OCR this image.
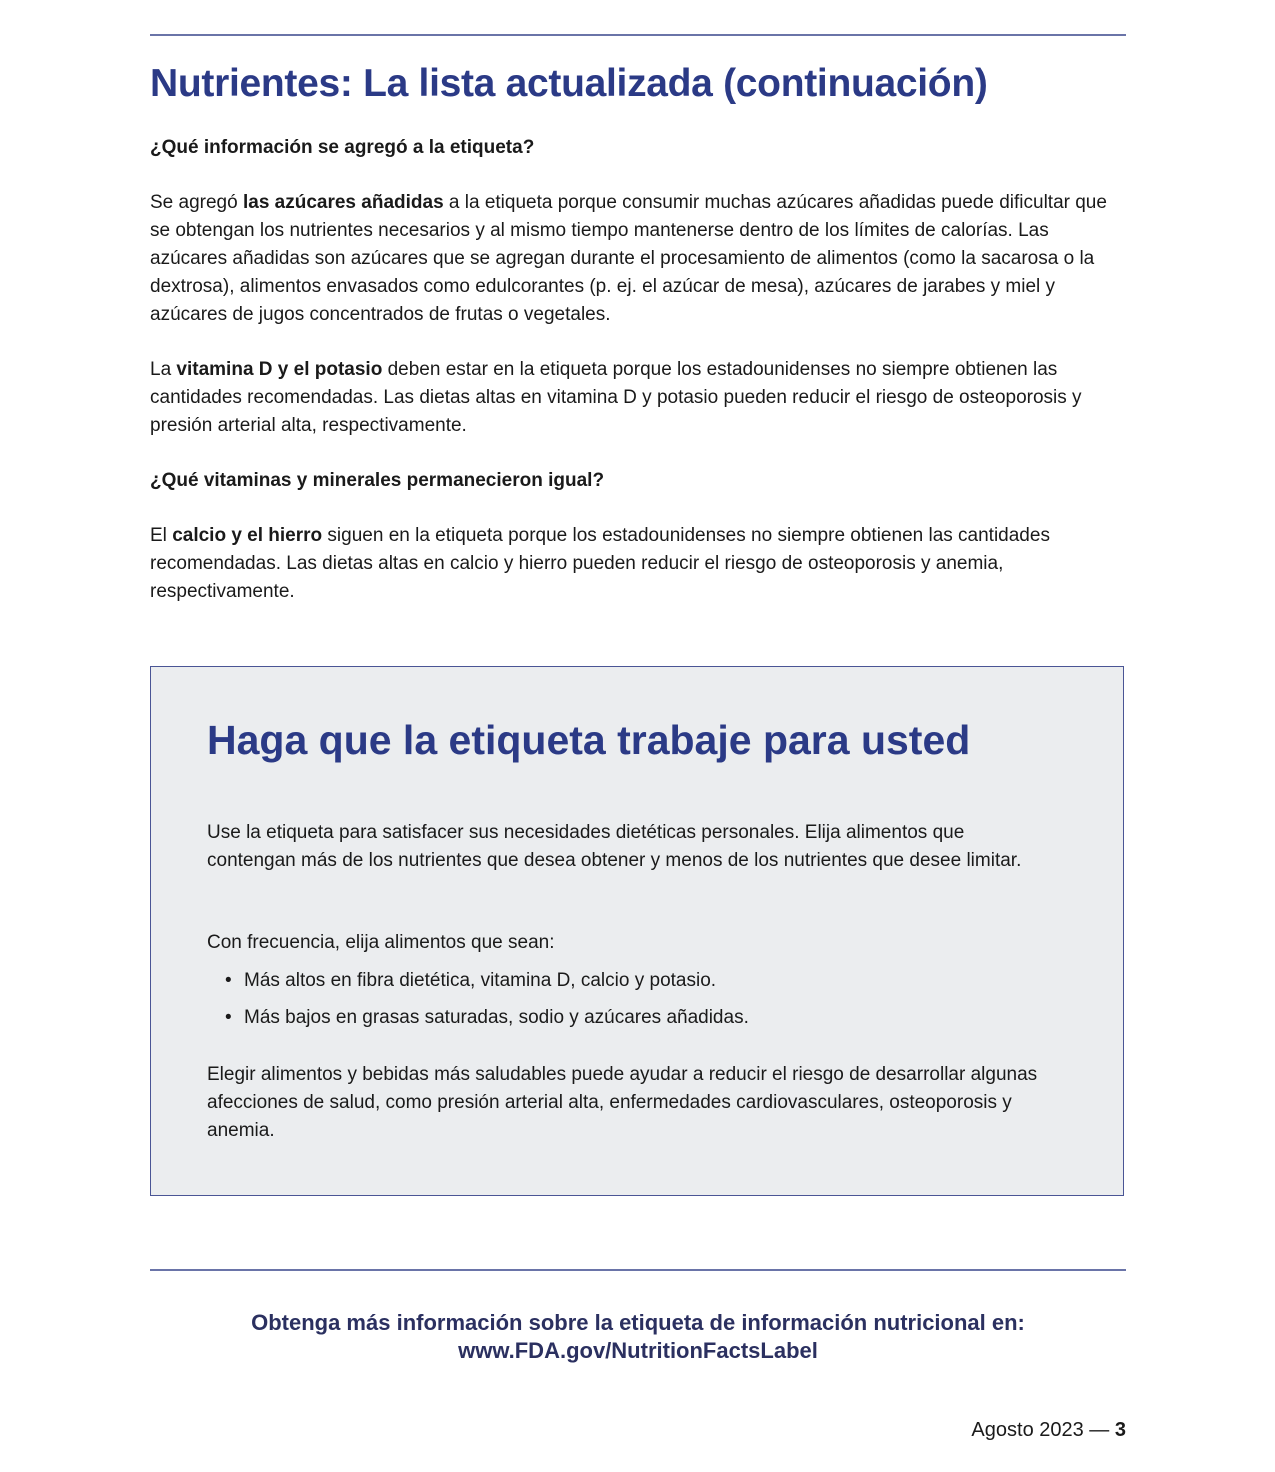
Nutrientes: La lista actualizada (continuación)

¿Qué información se agregó a la etiqueta?

Se agregó las azúcares añadidas a la etiqueta porque consumir muchas azúcares añadidas puede dificultar que se obtengan los nutrientes necesarios y al mismo tiempo mantenerse dentro de los límites de calorías. Las azúcares añadidas son azúcares que se agregan durante el procesamiento de alimentos (como la sacarosa o la dextrosa), alimentos envasados como edulcorantes (p. ej. el azúcar de mesa), azúcares de jarabes y miel y azúcares de jugos concentrados de frutas o vegetales.

La vitamina D y el potasio deben estar en la etiqueta porque los estadounidenses no siempre obtienen las cantidades recomendadas. Las dietas altas en vitamina D y potasio pueden reducir el riesgo de osteoporosis y presión arterial alta, respectivamente.

¿Qué vitaminas y minerales permanecieron igual?

El calcio y el hierro siguen en la etiqueta porque los estadounidenses no siempre obtienen las cantidades recomendadas. Las dietas altas en calcio y hierro pueden reducir el riesgo de osteoporosis y anemia, respectivamente.

Haga que la etiqueta trabaje para usted

Use la etiqueta para satisfacer sus necesidades dietéticas personales. Elija alimentos que contengan más de los nutrientes que desea obtener y menos de los nutrientes que desee limitar.

Con frecuencia, elija alimentos que sean:

• Más altos en fibra dietética, vitamina D, calcio y potasio.
• Más bajos en grasas saturadas, sodio y azúcares añadidas.

Elegir alimentos y bebidas más saludables puede ayudar a reducir el riesgo de desarrollar algunas afecciones de salud, como presión arterial alta, enfermedades cardiovasculares, osteoporosis y anemia.

Obtenga más información sobre la etiqueta de información nutricional en:
www.FDA.gov/NutritionFactsLabel
Agosto 2023 — 3
